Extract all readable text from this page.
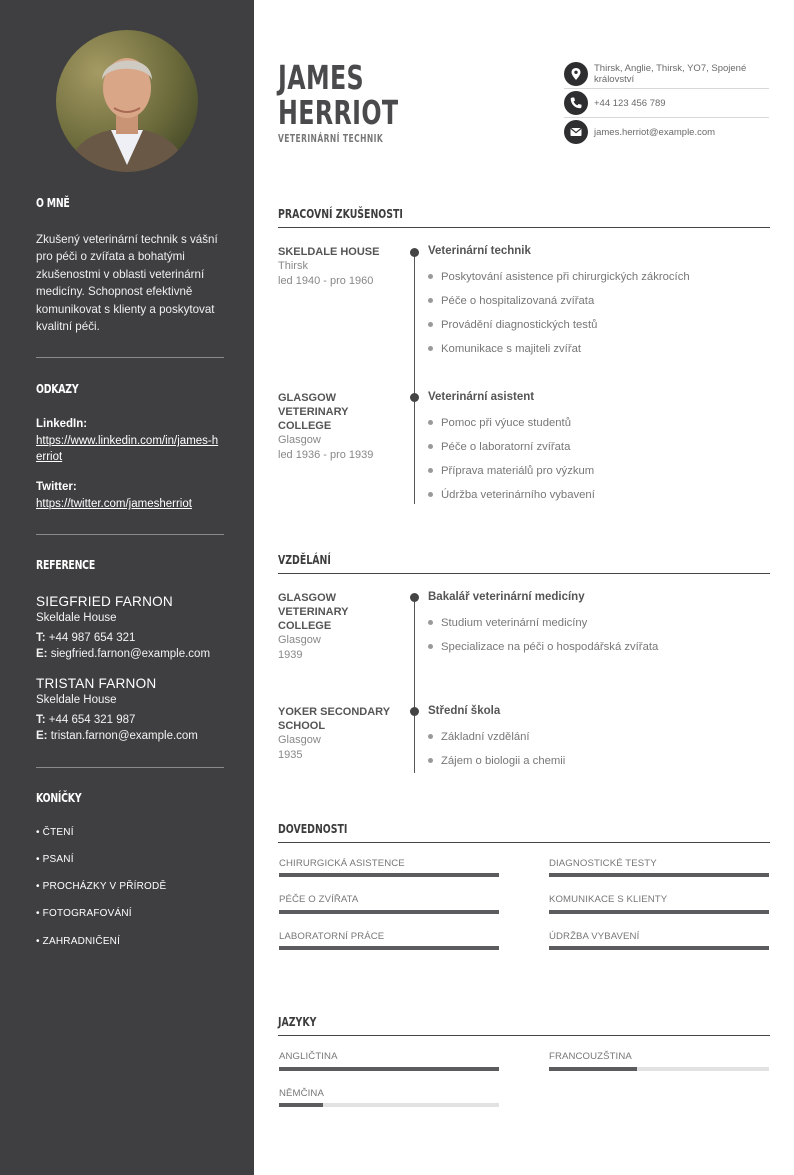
O MNĚ
Zkušený veterinární technik s vášní pro péči o zvířata a bohatými zkušenostmi v oblasti veterinární medicíny. Schopnost efektivně komunikovat s klienty a poskytovat kvalitní péči.
ODKAZY
LinkedIn:
https://www.linkedin.com/in/james-herriot
Twitter:
https://twitter.com/jamesherriot
REFERENCE
SIEGFRIED FARNON
Skeldale House
T: +44 987 654 321
E: siegfried.farnon@example.com
TRISTAN FARNON
Skeldale House
T: +44 654 321 987
E: tristan.farnon@example.com
KONÍČKY
• ČTENÍ
• PSANÍ
• PROCHÁZKY V PŘÍRODĚ
• FOTOGRAFOVÁNÍ
• ZAHRADNIČENÍ
JAMES
HERRIOT
VETERINÁRNÍ TECHNIK
Thirsk, Anglie, Thirsk, YO7, Spojené království
+44 123 456 789
james.herriot@example.com
PRACOVNÍ ZKUŠENOSTI
SKELDALE HOUSE
Thirsk
led 1940 - pro 1960
Veterinární technik
Poskytování asistence při chirurgických zákrocích
Péče o hospitalizovaná zvířata
Provádění diagnostických testů
Komunikace s majiteli zvířat
GLASGOW VETERINARY COLLEGE
Glasgow
led 1936 - pro 1939
Veterinární asistent
Pomoc při výuce studentů
Péče o laboratorní zvířata
Příprava materiálů pro výzkum
Údržba veterinárního vybavení
VZDĚLÁNÍ
GLASGOW VETERINARY COLLEGE
Glasgow
1939
Bakalář veterinární medicíny
Studium veterinární medicíny
Specializace na péči o hospodářská zvířata
YOKER SECONDARY SCHOOL
Glasgow
1935
Střední škola
Základní vzdělání
Zájem o biologii a chemii
DOVEDNOSTI
CHIRURGICKÁ ASISTENCE	DIAGNOSTICKÉ TESTY
PÉČE O ZVÍŘATA	KOMUNIKACE S KLIENTY
LABORATORNÍ PRÁCE	ÚDRŽBA VYBAVENÍ
JAZYKY
ANGLIČTINA	FRANCOUZŠTINA
NĚMČINA
